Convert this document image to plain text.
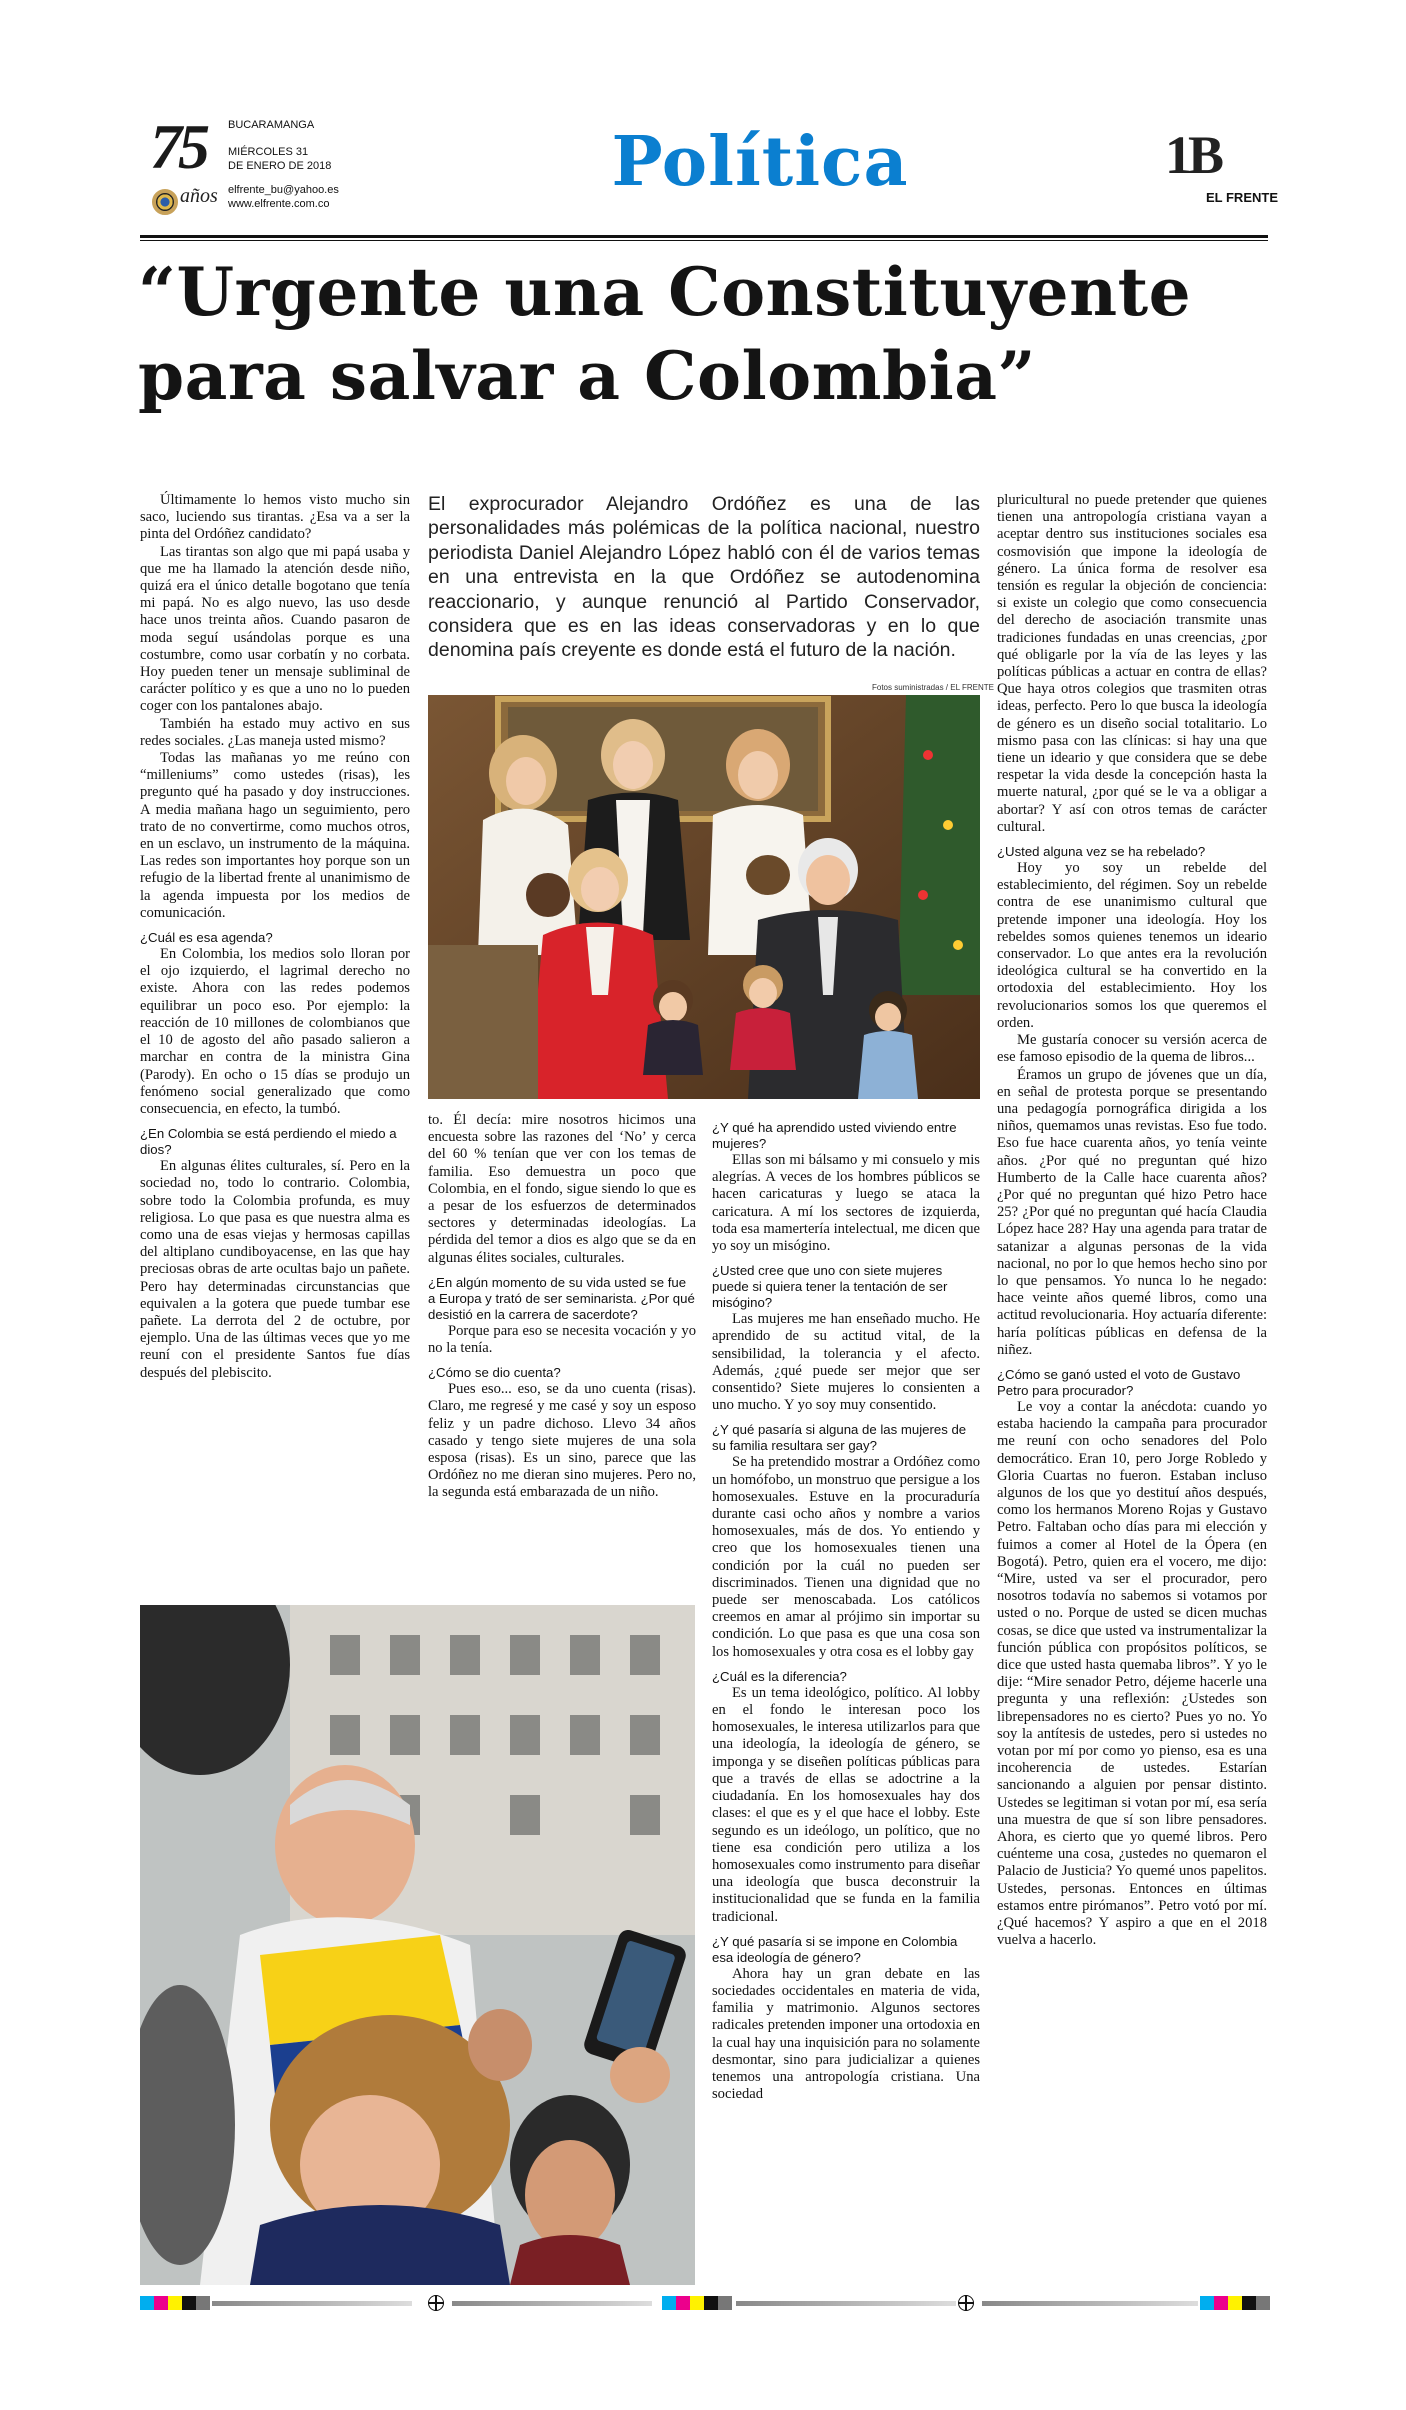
75
años
BUCARAMANGA
MIÉRCOLES 31
DE ENERO DE 2018
elfrente_bu@yahoo.es
www.elfrente.com.co
Política	1B
EL FRENTE
“Urgente una Constituyente
para salvar a Colombia”
El exprocurador Alejandro Ordóñez es una de las personalidades más polémicas de la política nacional, nuestro periodista Daniel Alejandro López habló con él de varios temas en una entrevista en la que Ordóñez se autodenomina reaccionario, y aunque renunció al Partido Conservador, considera que es en las ideas conservadoras y en lo que denomina país creyente es donde está el futuro de la nación.
Fotos suministradas / EL FRENTE

Últimamente lo hemos visto mucho sin saco, luciendo sus tirantas. ¿Esa va a ser la pinta del Ordóñez candidato?

Las tirantas son algo que mi papá usaba y que me ha llamado la atención desde niño, quizá era el único detalle bogotano que tenía mi papá. No es algo nuevo, las uso desde hace unos treinta años. Cuando pasaron de moda seguí usándolas porque es una costumbre, como usar corbatín y no corbata. Hoy pueden tener un mensaje subliminal de carácter político y es que a uno no lo pueden coger con los pantalones abajo.

También ha estado muy activo en sus redes sociales. ¿Las maneja usted mismo?

Todas las mañanas yo me reúno con “milleniums” como ustedes (risas), les pregunto qué ha pasado y doy instrucciones. A media mañana hago un seguimiento, pero trato de no convertirme, como muchos otros, en un esclavo, un instrumento de la máquina. Las redes son importantes hoy porque son un refugio de la libertad frente al unanimismo de la agenda impuesta por los medios de comunicación.

¿Cuál es esa agenda?

En Colombia, los medios solo lloran por el ojo izquierdo, el lagrimal derecho no existe. Ahora con las redes podemos equilibrar un poco eso. Por ejemplo: la reacción de 10 millones de colombianos que el 10 de agosto del año pasado salieron a marchar en contra de la ministra Gina (Parody). En ocho o 15 días se produjo un fenómeno social generalizado que como consecuencia, en efecto, la tumbó.

¿En Colombia se está perdiendo el miedo a dios?

En algunas élites culturales, sí. Pero en la sociedad no, todo lo contrario. Colombia, sobre todo la Colombia profunda, es muy religiosa. Lo que pasa es que nuestra alma es como una de esas viejas y hermosas capillas del altiplano cundiboyacense, en las que hay preciosas obras de arte ocultas bajo un pañete. Pero hay determinadas circunstancias que equivalen a la gotera que puede tumbar ese pañete. La derrota del 2 de octubre, por ejemplo. Una de las últimas veces que yo me reuní con el presidente Santos fue días después del plebiscito.

to. Él decía: mire nosotros hicimos una encuesta sobre las razones del ‘No’ y cerca del 60 % tenían que ver con los temas de familia. Eso demuestra un poco que Colombia, en el fondo, sigue siendo lo que es a pesar de los esfuerzos de determinados sectores y determinadas ideologías. La pérdida del temor a dios es algo que se da en algunas élites sociales, culturales.

¿En algún momento de su vida usted se fue a Europa y trató de ser seminarista. ¿Por qué desistió en la carrera de sacerdote?

Porque para eso se necesita vocación y yo no la tenía.

¿Cómo se dio cuenta?

Pues eso... eso, se da uno cuenta (risas). Claro, me regresé y me casé y soy un esposo feliz y un padre dichoso. Llevo 34 años casado y tengo siete mujeres de una sola esposa (risas). Es un sino, parece que las Ordóñez no me dieran sino mujeres. Pero no, la segunda está embarazada de un niño.

¿Y qué ha aprendido usted viviendo entre mujeres?

Ellas son mi bálsamo y mi consuelo y mis alegrías. A veces de los hombres públicos se hacen caricaturas y luego se ataca la caricatura. A mí los sectores de izquierda, toda esa mamertería intelectual, me dicen que yo soy un misógino.

¿Usted cree que uno con siete mujeres puede si quiera tener la tentación de ser misógino?

Las mujeres me han enseñado mucho. He aprendido de su actitud vital, de la sensibilidad, la tolerancia y el afecto. Además, ¿qué puede ser mejor que ser consentido? Siete mujeres lo consienten a uno mucho. Y yo soy muy consentido.

¿Y qué pasaría si alguna de las mujeres de su familia resultara ser gay?

Se ha pretendido mostrar a Ordóñez como un homófobo, un monstruo que persigue a los homosexuales. Estuve en la procuraduría durante casi ocho años y nombre a varios homosexuales, más de dos. Yo entiendo y creo que los homosexuales tienen una condición por la cuál no pueden ser discriminados. Tienen una dignidad que no puede ser menoscabada. Los católicos creemos en amar al prójimo sin importar su condición. Lo que pasa es que una cosa son los homosexuales y otra cosa es el lobby gay

¿Cuál es la diferencia?

Es un tema ideológico, político. Al lobby en el fondo le interesan poco los homosexuales, le interesa utilizarlos para que una ideología, la ideología de género, se imponga y se diseñen políticas públicas para que a través de ellas se adoctrine a la ciudadanía. En los homosexuales hay dos clases: el que es y el que hace el lobby. Este segundo es un ideólogo, un político, que no tiene esa condición pero utiliza a los homosexuales como instrumento para diseñar una ideología que busca deconstruir la institucionalidad que se funda en la familia tradicional.

¿Y qué pasaría si se impone en Colombia esa ideología de género?

Ahora hay un gran debate en las sociedades occidentales en materia de vida, familia y matrimonio. Algunos sectores radicales pretenden imponer una ortodoxia en la cual hay una inquisición para no solamente desmontar, sino para judicializar a quienes tenemos una antropología cristiana. Una sociedad

pluricultural no puede pretender que quienes tienen una antropología cristiana vayan a aceptar dentro sus instituciones sociales esa cosmovisión que impone la ideología de género. La única forma de resolver esa tensión es regular la objeción de conciencia: si existe un colegio que como consecuencia del derecho de asociación transmite unas tradiciones fundadas en unas creencias, ¿por qué obligarle por la vía de las leyes y las políticas públicas a actuar en contra de ellas? Que haya otros colegios que trasmiten otras ideas, perfecto. Pero lo que busca la ideología de género es un diseño social totalitario. Lo mismo pasa con las clínicas: si hay una que tiene un ideario y que considera que se debe respetar la vida desde la concepción hasta la muerte natural, ¿por qué se le va a obligar a abortar? Y así con otros temas de carácter cultural.

¿Usted alguna vez se ha rebelado?

Hoy yo soy un rebelde del establecimiento, del régimen. Soy un rebelde contra de ese unanimismo cultural que pretende imponer una ideología. Hoy los rebeldes somos quienes tenemos un ideario conservador. Lo que antes era la revolución ideológica cultural se ha convertido en la ortodoxia del establecimiento. Hoy los revolucionarios somos los que queremos el orden.

Me gustaría conocer su versión acerca de ese famoso episodio de la quema de libros...

Éramos un grupo de jóvenes que un día, en señal de protesta porque se presentando una pedagogía pornográfica dirigida a los niños, quemamos unas revistas. Eso fue todo. Eso fue hace cuarenta años, yo tenía veinte años. ¿Por qué no preguntan qué hizo Humberto de la Calle hace cuarenta años? ¿Por qué no preguntan qué hizo Petro hace 25? ¿Por qué no preguntan qué hacía Claudia López hace 28? Hay una agenda para tratar de satanizar a algunas personas de la vida nacional, no por lo que hemos hecho sino por lo que pensamos. Yo nunca lo he negado: hace veinte años quemé libros, como una actitud revolucionaria. Hoy actuaría diferente: haría políticas públicas en defensa de la niñez.

¿Cómo se ganó usted el voto de Gustavo Petro para procurador?

Le voy a contar la anécdota: cuando yo estaba haciendo la campaña para procurador me reuní con ocho senadores del Polo democrático. Eran 10, pero Jorge Robledo y Gloria Cuartas no fueron. Estaban incluso algunos de los que yo destituí años después, como los hermanos Moreno Rojas y Gustavo Petro. Faltaban ocho días para mi elección y fuimos a comer al Hotel de la Ópera (en Bogotá). Petro, quien era el vocero, me dijo: “Mire, usted va ser el procurador, pero nosotros todavía no sabemos si votamos por usted o no. Porque de usted se dicen muchas cosas, se dice que usted va instrumentalizar la función pública con propósitos políticos, se dice que usted hasta quemaba libros”. Y yo le dije: “Mire senador Petro, déjeme hacerle una pregunta y una reflexión: ¿Ustedes son librepensadores no es cierto? Pues yo no. Yo soy la antítesis de ustedes, pero si ustedes no votan por mí por como yo pienso, esa es una incoherencia de ustedes. Estarían sancionando a alguien por pensar distinto. Ustedes se legitiman si votan por mí, esa sería una muestra de que sí son libre pensadores. Ahora, es cierto que yo quemé libros. Pero cuénteme una cosa, ¿ustedes no quemaron el Palacio de Justicia? Yo quemé unos papelitos. Ustedes, personas. Entonces en últimas estamos entre pirómanos”. Petro votó por mí. ¿Qué hacemos? Y aspiro a que en el 2018 vuelva a hacerlo.
